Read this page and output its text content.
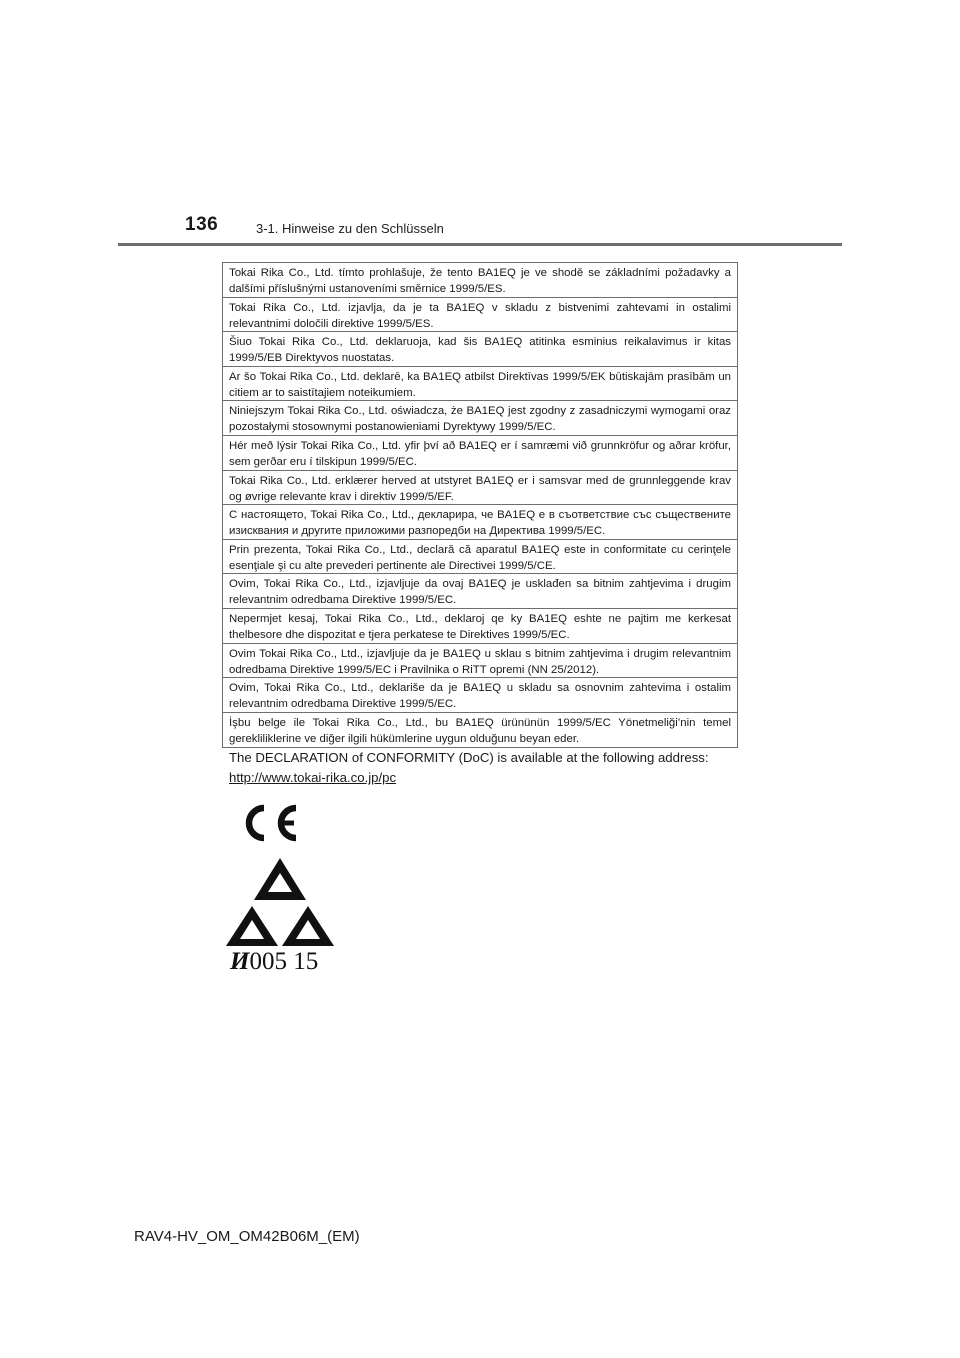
136	3-1. Hinweise zu den Schlüsseln
Tokai Rika Co., Ltd. tímto prohlašuje, že tento BA1EQ je ve shodě se základními požadavky a dalšími příslušnými ustanoveními směrnice 1999/5/ES.
Tokai Rika Co., Ltd. izjavlja, da je ta BA1EQ v skladu z bistvenimi zahtevami in ostalimi relevantnimi določili direktive 1999/5/ES.
Šiuo Tokai Rika Co., Ltd. deklaruoja, kad šis BA1EQ atitinka esminius reikalavimus ir kitas 1999/5/EB Direktyvos nuostatas.
Ar šo Tokai Rika Co., Ltd. deklarē, ka BA1EQ atbilst Direktīvas 1999/5/EK būtiskajām prasībām un citiem ar to saistītajiem noteikumiem.
Niniejszym Tokai Rika Co., Ltd. oświadcza, że BA1EQ jest zgodny z zasadniczymi wymogami oraz pozostałymi stosownymi postanowieniami Dyrektywy 1999/5/EC.
Hér með lýsir Tokai Rika Co., Ltd. yfir því að BA1EQ er í samræmi við grunnkröfur og aðrar kröfur, sem gerðar eru í tilskipun 1999/5/EC.
Tokai Rika Co., Ltd. erklærer herved at utstyret BA1EQ er i samsvar med de grunnleggende krav og øvrige relevante krav i direktiv 1999/5/EF.
С настоящето, Tokai Rika Co., Ltd., декларира, че BA1EQ е в съответствие със съществените изисквания и другите приложими разпоредби на Директива 1999/5/ЕС.
Prin prezenta, Tokai Rika Co., Ltd., declară că aparatul BA1EQ este in conformitate cu cerinţele esenţiale şi cu alte prevederi pertinente ale Directivei 1999/5/CE.
Ovim, Tokai Rika Co., Ltd., izjavljuje da ovaj BA1EQ je usklađen sa bitnim zahtjevima i drugim relevantnim odredbama Direktive 1999/5/EC.
Nepermjet kesaj, Tokai Rika Co., Ltd., deklaroj qe ky BA1EQ eshte ne pajtim me kerkesat thelbesore dhe dispozitat e tjera perkatese te Direktives 1999/5/EC.
Ovim Tokai Rika Co., Ltd., izjavljuje da je BA1EQ u sklau s bitnim zahtjevima i drugim relevantnim odredbama Direktive 1999/5/EC i Pravilnika o RiTT opremi (NN 25/2012).
Ovim, Tokai Rika Co., Ltd., deklariše da je BA1EQ u skladu sa osnovnim zahtevima i ostalim relevantnim odredbama Direktive 1999/5/EC.
İşbu belge ile Tokai Rika Co., Ltd., bu BA1EQ ürününün 1999/5/EC Yönetmeliği’nin temel gerekliliklerine ve diğer ilgili hükümlerine uygun olduğunu beyan eder.
The DECLARATION of CONFORMITY (DoC) is available at the following address:
http://www.tokai-rika.co.jp/pc
И005 15
RAV4-HV_OM_OM42B06M_(EM)
